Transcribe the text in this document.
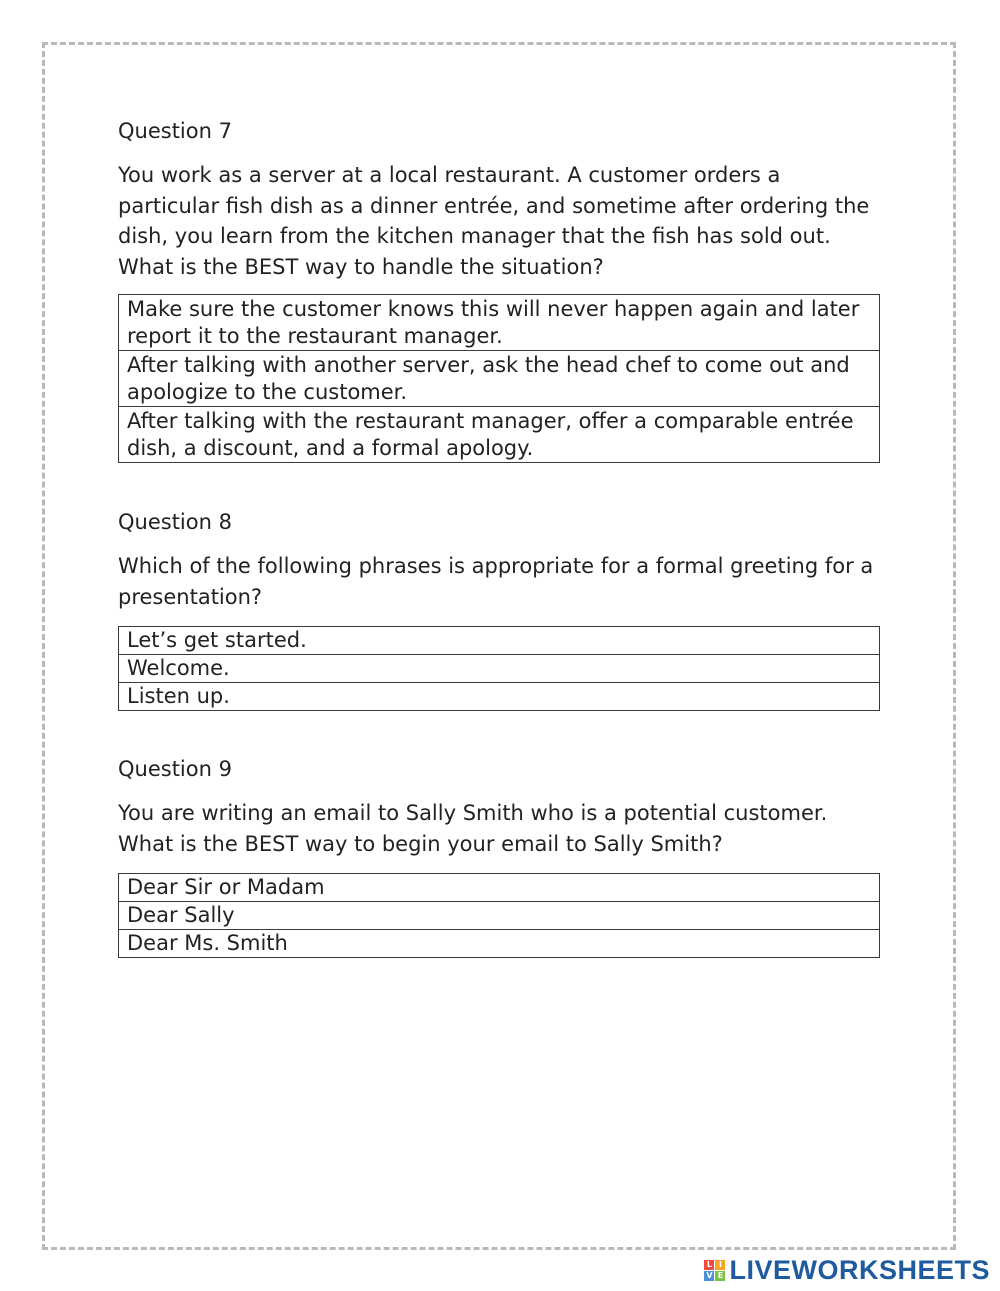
Question 7

You work as a server at a local restaurant. A customer orders a particular fish dish as a dinner entrée, and sometime after ordering the dish, you learn from the kitchen manager that the fish has sold out. What is the BEST way to handle the situation?

Make sure the customer knows this will never happen again and later report it to the restaurant manager.
After talking with another server, ask the head chef to come out and apologize to the customer.
After talking with the restaurant manager, offer a comparable entrée dish, a discount, and a formal apology.
Question 8

Which of the following phrases is appropriate for a formal greeting for a presentation?

Let’s get started.
Welcome.
Listen up.
Question 9

You are writing an email to Sally Smith who is a potential customer. What is the BEST way to begin your email to Sally Smith?

Dear Sir or Madam
Dear Sally
Dear Ms. Smith
L I
V E LIVEWORKSHEETS
